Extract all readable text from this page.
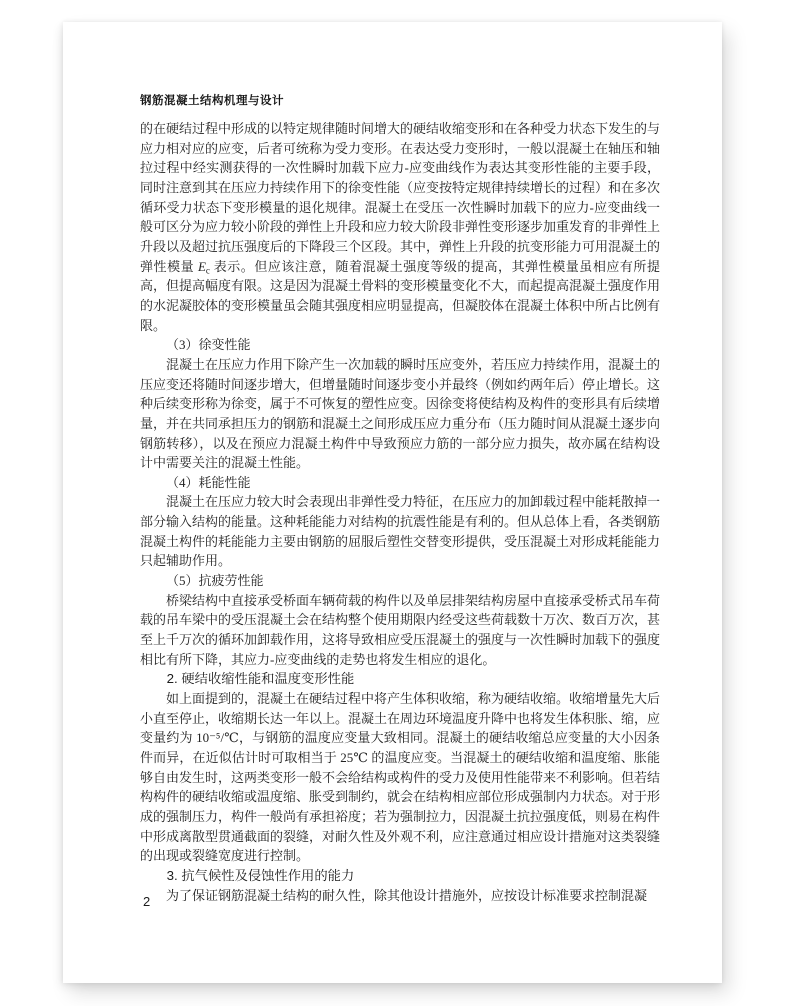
钢筋混凝土结构机理与设计

的在硬结过程中形成的以特定规律随时间增大的硬结收缩变形和在各种受力状态下发生的与应力相对应的应变，后者可统称为受力变形。在表达受力变形时，一般以混凝土在轴压和轴拉过程中经实测获得的一次性瞬时加载下应力-应变曲线作为表达其变形性能的主要手段，同时注意到其在压应力持续作用下的徐变性能（应变按特定规律持续增长的过程）和在多次循环受力状态下变形模量的退化规律。混凝土在受压一次性瞬时加载下的应力-应变曲线一般可区分为应力较小阶段的弹性上升段和应力较大阶段非弹性变形逐步加重发育的非弹性上升段以及超过抗压强度后的下降段三个区段。其中，弹性上升段的抗变形能力可用混凝土的弹性模量 $E_c$ 表示。但应该注意，随着混凝土强度等级的提高，其弹性模量虽相应有所提高，但提高幅度有限。这是因为混凝土骨料的变形模量变化不大，而起提高混凝土强度作用的水泥凝胶体的变形模量虽会随其强度相应明显提高，但凝胶体在混凝土体积中所占比例有限。

（3）徐变性能

混凝土在压应力作用下除产生一次加载的瞬时压应变外，若压应力持续作用，混凝土的压应变还将随时间逐步增大，但增量随时间逐步变小并最终（例如约两年后）停止增长。这种后续变形称为徐变，属于不可恢复的塑性应变。因徐变将使结构及构件的变形具有后续增量，并在共同承担压力的钢筋和混凝土之间形成压应力重分布（压力随时间从混凝土逐步向钢筋转移），以及在预应力混凝土构件中导致预应力筋的一部分应力损失，故亦属在结构设计中需要关注的混凝土性能。

（4）耗能性能

混凝土在压应力较大时会表现出非弹性受力特征，在压应力的加卸载过程中能耗散掉一部分输入结构的能量。这种耗能能力对结构的抗震性能是有利的。但从总体上看，各类钢筋混凝土构件的耗能能力主要由钢筋的屈服后塑性交替变形提供，受压混凝土对形成耗能能力只起辅助作用。

（5）抗疲劳性能

桥梁结构中直接承受桥面车辆荷载的构件以及单层排架结构房屋中直接承受桥式吊车荷载的吊车梁中的受压混凝土会在结构整个使用期限内经受这些荷载数十万次、数百万次，甚至上千万次的循环加卸载作用，这将导致相应受压混凝土的强度与一次性瞬时加载下的强度相比有所下降，其应力-应变曲线的走势也将发生相应的退化。

2. 硬结收缩性能和温度变形性能

如上面提到的，混凝土在硬结过程中将产生体积收缩，称为硬结收缩。收缩增量先大后小直至停止，收缩期长达一年以上。混凝土在周边环境温度升降中也将发生体积胀、缩，应变量约为 10⁻⁵/℃，与钢筋的温度应变量大致相同。混凝土的硬结收缩总应变量的大小因条件而异，在近似估计时可取相当于 25℃ 的温度应变。当混凝土的硬结收缩和温度缩、胀能够自由发生时，这两类变形一般不会给结构或构件的受力及使用性能带来不利影响。但若结构构件的硬结收缩或温度缩、胀受到制约，就会在结构相应部位形成强制内力状态。对于形成的强制压力，构件一般尚有承担裕度；若为强制拉力，因混凝土抗拉强度低，则易在构件中形成离散型贯通截面的裂缝，对耐久性及外观不利，应注意通过相应设计措施对这类裂缝的出现或裂缝宽度进行控制。

3. 抗气候性及侵蚀性作用的能力

为了保证钢筋混凝土结构的耐久性，除其他设计措施外，应按设计标准要求控制混凝

2
